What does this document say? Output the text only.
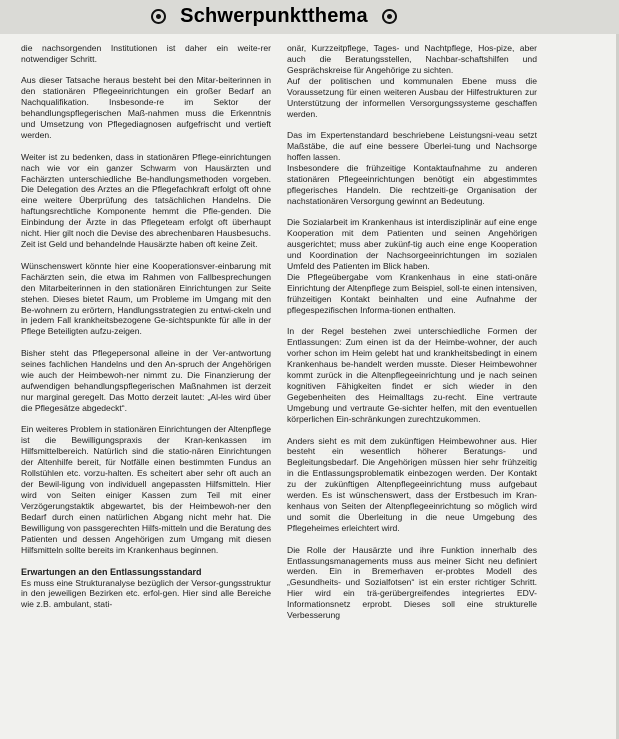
Schwerpunktthema

die nachsorgenden Institutionen ist daher ein weite-rer notwendiger Schritt.

Aus dieser Tatsache heraus besteht bei den Mitar-beiterinnen in den stationären Pflegeeinrichtungen ein großer Bedarf an Nachqualifikation. Insbesonde-re im Sektor der behandlungspflegerischen Maß-nahmen muss die Erkenntnis und Umsetzung von Pflegediagnosen aufgefrischt und vertieft werden.

Weiter ist zu bedenken, dass in stationären Pflege-einrichtungen nach wie vor ein ganzer Schwarm von Hausärzten und Fachärzten unterschiedliche Be-handlungsmethoden vorgeben. Die Delegation des Arztes an die Pflegefachkraft erfolgt oft ohne eine weitere Überprüfung des tatsächlichen Handelns. Die haftungsrechtliche Komponente hemmt die Pfle-genden. Die Einbindung der Ärzte in das Pflegeteam erfolgt oft überhaupt nicht. Hier gilt noch die Devise des abrechenbaren Hausbesuchs. Zeit ist Geld und behandelnde Hausärzte haben oft keine Zeit.

Wünschenswert könnte hier eine Kooperationsver-einbarung mit Fachärzten sein, die etwa im Rahmen von Fallbesprechungen den Mitarbeiterinnen in den stationären Einrichtungen zur Seite stehen. Dieses bietet Raum, um Probleme im Umgang mit den Be-wohnern zu erörtern, Handlungsstrategien zu entwi-ckeln und in jedem Fall krankheitsbezogene Ge-sichtspunkte für alle in der Pflege Beteiligten aufzu-zeigen.

Bisher steht das Pflegepersonal alleine in der Ver-antwortung seines fachlichen Handelns und den An-spruch der Angehörigen wie auch der Heimbewoh-ner nimmt zu. Die Finanzierung der aufwendigen behandlungspflegerischen Maßnahmen ist derzeit nur marginal geregelt. Das Motto derzeit lautet: „Al-les wird über die Pflegesätze abgedeckt“.

Ein weiteres Problem in stationären Einrichtungen der Altenpflege ist die Bewilligungspraxis der Kran-kenkassen im Hilfsmittelbereich. Natürlich sind die statio-nären Einrichtungen der Altenhilfe bereit, für Notfälle einen bestimmten Fundus an Rollstühlen etc. vorzu-halten. Es scheitert aber sehr oft auch an der Bewil-ligung von individuell angepassten Hilfsmitteln. Hier wird von Seiten einiger Kassen zum Teil mit einer Verzögerungstaktik abgewartet, bis der Heimbewoh-ner den Bedarf durch einen natürlichen Abgang nicht mehr hat. Die Bewilligung von passgerechten Hilfs-mitteln und die Beratung des Patienten und dessen Angehörigen zum Umgang mit diesen Hilfsmitteln sollte bereits im Krankenhaus beginnen.

Erwartungen an den Entlassungsstandard

Es muss eine Strukturanalyse bezüglich der Versor-gungsstruktur in den jeweiligen Bezirken etc. erfol-gen. Hier sind alle Bereiche wie z.B. ambulant, stati-

onär, Kurzzeitpflege, Tages- und Nachtpflege, Hos-pize, aber auch die Beratungsstellen, Nachbar-schaftshilfen und Gesprächskreise für Angehörige zu sichten.
Auf der politischen und kommunalen Ebene muss die Voraussetzung für einen weiteren Ausbau der Hilfestrukturen zur Unterstützung der informellen Versorgungssysteme geschaffen werden.

Das im Expertenstandard beschriebene Leistungsni-veau setzt Maßstäbe, die auf eine bessere Überlei-tung und Nachsorge hoffen lassen.
Insbesondere die frühzeitige Kontaktaufnahme zu anderen stationären Pflegeeinrichtungen benötigt ein abgestimmtes pflegerisches Handeln. Die rechtzeiti-ge Organisation der nachstationären Versorgung gewinnt an Bedeutung.

Die Sozialarbeit im Krankenhaus ist interdisziplinär auf eine enge Kooperation mit dem Patienten und seinen Angehörigen ausgerichtet; muss aber zukünf-tig auch eine enge Kooperation und Koordination der Nachsorgeeinrichtungen im sozialen Umfeld des Patienten im Blick haben.
Die Pflegeübergabe vom Krankenhaus in eine stati-onäre Einrichtung der Altenpflege zum Beispiel, soll-te einen intensiven, frühzeitigen Kontakt beinhalten und eine Aufnahme der pflegespezifischen Informa-tionen enthalten.

In der Regel bestehen zwei unterschiedliche Formen der Entlassungen: Zum einen ist da der Heimbe-wohner, der auch vorher schon im Heim gelebt hat und krankheitsbedingt in einem Krankenhaus be-handelt werden musste. Dieser Heimbewohner kommt zurück in die Altenpflegeeinrichtung und je nach seinen kognitiven Fähigkeiten findet er sich wieder in den Gegebenheiten des Heimalltags zu-recht. Eine vertraute Umgebung und vertraute Ge-sichter helfen, mit den eventuellen körperlichen Ein-schränkungen zurechtzukommen.

Anders sieht es mit dem zukünftigen Heimbewohner aus. Hier besteht ein wesentlich höherer Beratungs- und Begleitungsbedarf. Die Angehörigen müssen hier sehr frühzeitig in die Entlassungsproblematik einbezogen werden. Der Kontakt zu der zukünftigen Altenpflegeeinrichtung muss aufgebaut werden. Es ist wünschenswert, dass der Erstbesuch im Kran-kenhaus von Seiten der Altenpflegeeinrichtung so möglich wird und somit die Überleitung in die neue Umgebung des Pflegeheimes erleichtert wird.

Die Rolle der Hausärzte und ihre Funktion innerhalb des Entlassungsmanagements muss aus meiner Sicht neu definiert werden. Ein in Bremerhaven er-probtes Modell des „Gesundheits- und Sozialfotsen“ ist ein erster richtiger Schritt. Hier wird ein trä-gerübergreifendes integriertes EDV-Informationsnetz erprobt. Dieses soll eine strukturelle Verbesserung
